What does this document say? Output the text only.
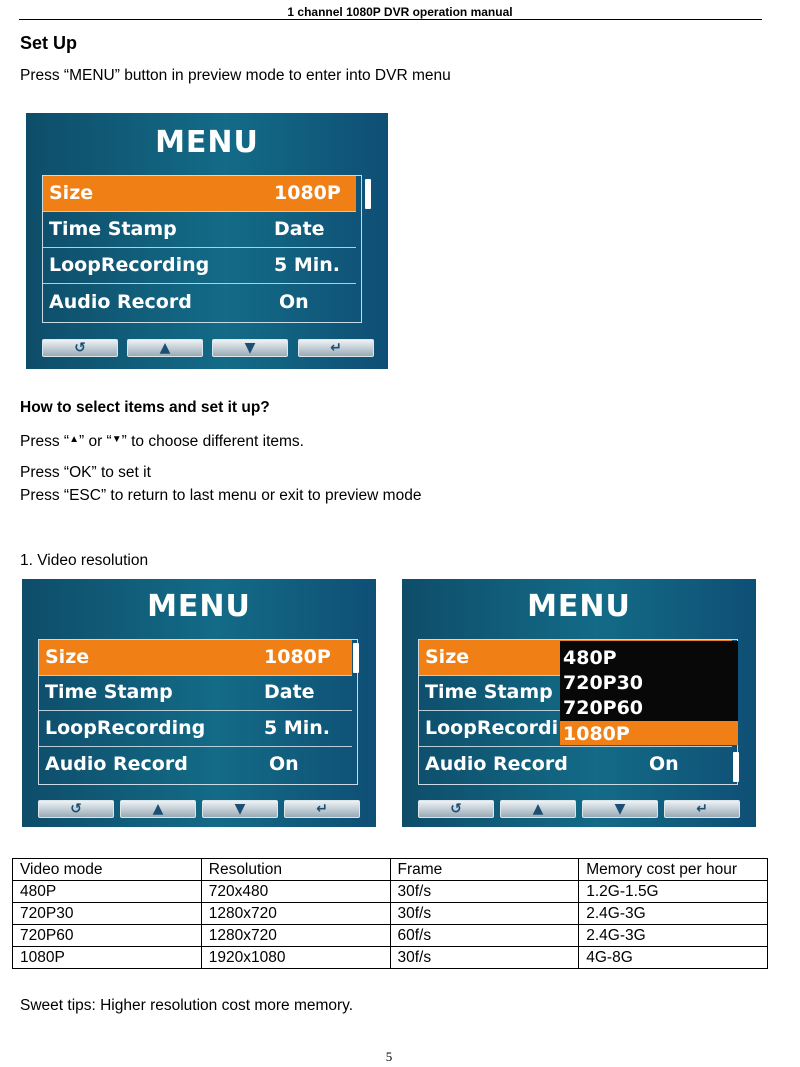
1 channel 1080P DVR operation manual
Set Up
Press “MENU” button in preview mode to enter into DVR menu
MENU
Size	1080P
Time Stamp	Date
LoopRecording	5 Min.
Audio Record	On
↺	▲	▼	↵
How to select items and set it up?
Press “▲” or “▼” to choose different items.
Press “OK” to set it
Press “ESC” to return to last menu or exit to preview mode
1. Video resolution
MENU
Size	1080P
Time Stamp	Date
LoopRecording	5 Min.
Audio Record	On
↺	▲	▼	↵
MENU
Size
Time Stamp
LoopRecordi
Audio Record	On
480P
720P30
720P60
1080P
↺	▲	▼	↵
Video mode	Resolution	Frame	Memory cost per hour
480P	720x480	30f/s	1.2G-1.5G
720P30	1280x720	30f/s	2.4G-3G
720P60	1280x720	60f/s	2.4G-3G
1080P	1920x1080	30f/s	4G-8G
Sweet tips: Higher resolution cost more memory.
5
